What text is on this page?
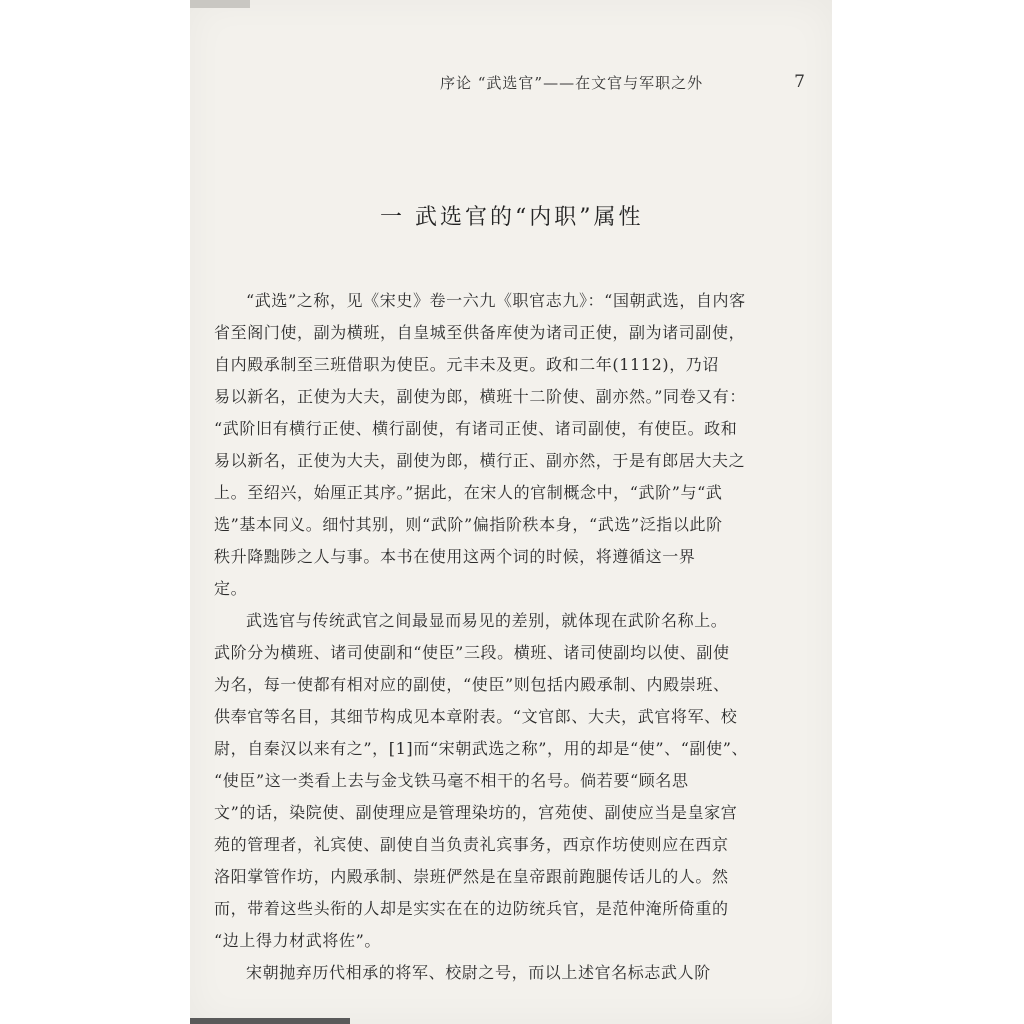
序论 “武选官”——在文官与军职之外	7
一 武选官的“内职”属性
“武选”之称，见《宋史》卷一六九《职官志九》：“国朝武选，自内客
省至阁门使，副为横班，自皇城至供备库使为诸司正使，副为诸司副使，
自内殿承制至三班借职为使臣。元丰未及更。政和二年(1112)，乃诏
易以新名，正使为大夫，副使为郎，横班十二阶使、副亦然。”同卷又有：
“武阶旧有横行正使、横行副使，有诸司正使、诸司副使，有使臣。政和
易以新名，正使为大夫，副使为郎，横行正、副亦然，于是有郎居大夫之
上。至绍兴，始厘正其序。”据此，在宋人的官制概念中，“武阶”与“武
选”基本同义。细忖其别，则“武阶”偏指阶秩本身，“武选”泛指以此阶
秩升降黜陟之人与事。本书在使用这两个词的时候，将遵循这一界
定。
武选官与传统武官之间最显而易见的差别，就体现在武阶名称上。
武阶分为横班、诸司使副和“使臣”三段。横班、诸司使副均以使、副使
为名，每一使都有相对应的副使，“使臣”则包括内殿承制、内殿崇班、
供奉官等名目，其细节构成见本章附表。“文官郎、大夫，武官将军、校
尉，自秦汉以来有之”，[1]而“宋朝武选之称”，用的却是“使”、“副使”、
“使臣”这一类看上去与金戈铁马毫不相干的名号。倘若要“顾名思
文”的话，染院使、副使理应是管理染坊的，宫苑使、副使应当是皇家宫
苑的管理者，礼宾使、副使自当负责礼宾事务，西京作坊使则应在西京
洛阳掌管作坊，内殿承制、崇班俨然是在皇帝跟前跑腿传话儿的人。然
而，带着这些头衔的人却是实实在在的边防统兵官，是范仲淹所倚重的
“边上得力材武将佐”。
宋朝抛弃历代相承的将军、校尉之号，而以上述官名标志武人阶
